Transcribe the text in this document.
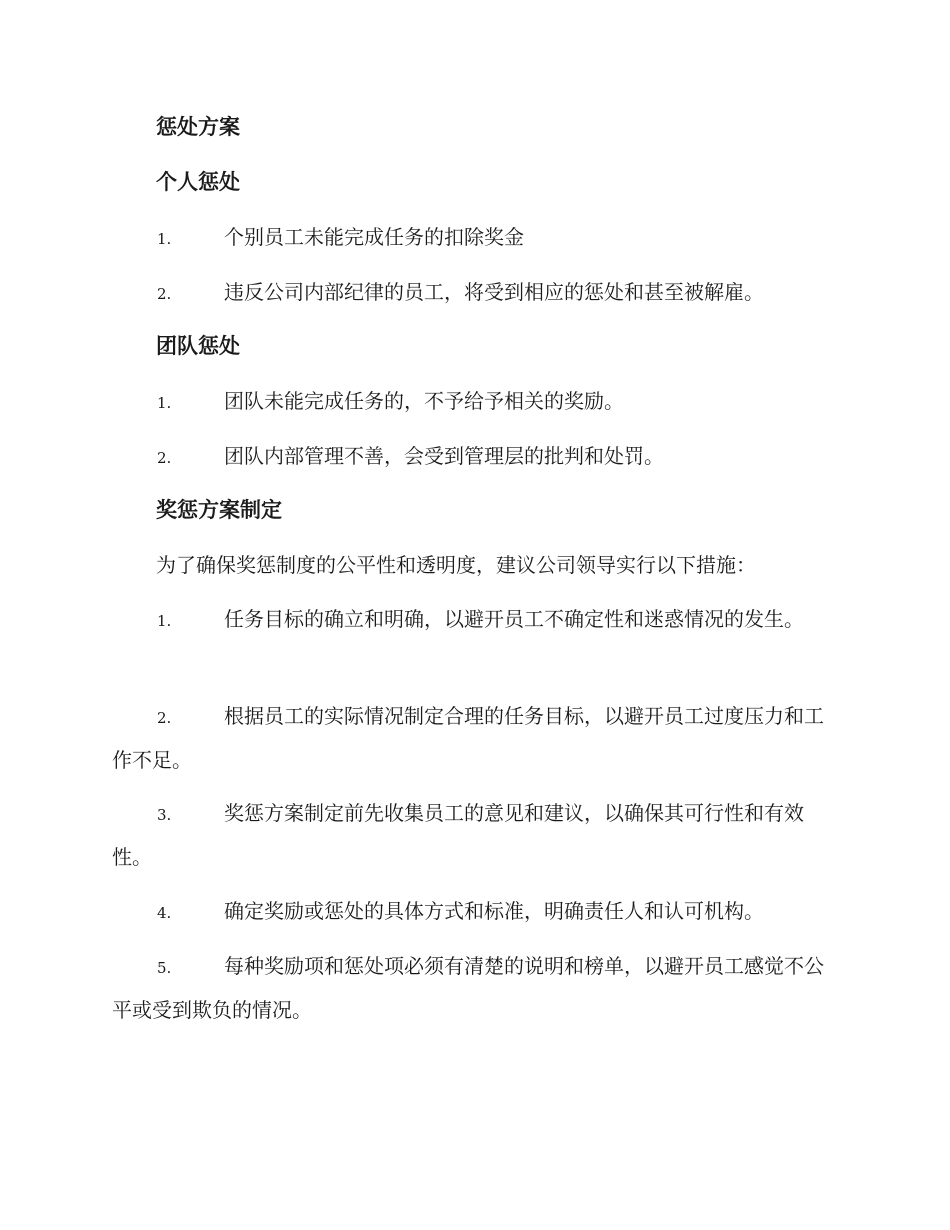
惩处方案
个人惩处
1.	个别员工未能完成任务的扣除奖金
2.	违反公司内部纪律的员工，将受到相应的惩处和甚至被解雇。
团队惩处
1.	团队未能完成任务的，不予给予相关的奖励。
2.	团队内部管理不善，会受到管理层的批判和处罚。
奖惩方案制定
为了确保奖惩制度的公平性和透明度，建议公司领导实行以下措施：
1.	任务目标的确立和明确，以避开员工不确定性和迷惑情况的发生。
2.	根据员工的实际情况制定合理的任务目标，以避开员工过度压力和工作不足。
3.	奖惩方案制定前先收集员工的意见和建议，以确保其可行性和有效性。
4.	确定奖励或惩处的具体方式和标准，明确责任人和认可机构。
5.	每种奖励项和惩处项必须有清楚的说明和榜单，以避开员工感觉不公平或受到欺负的情况。
